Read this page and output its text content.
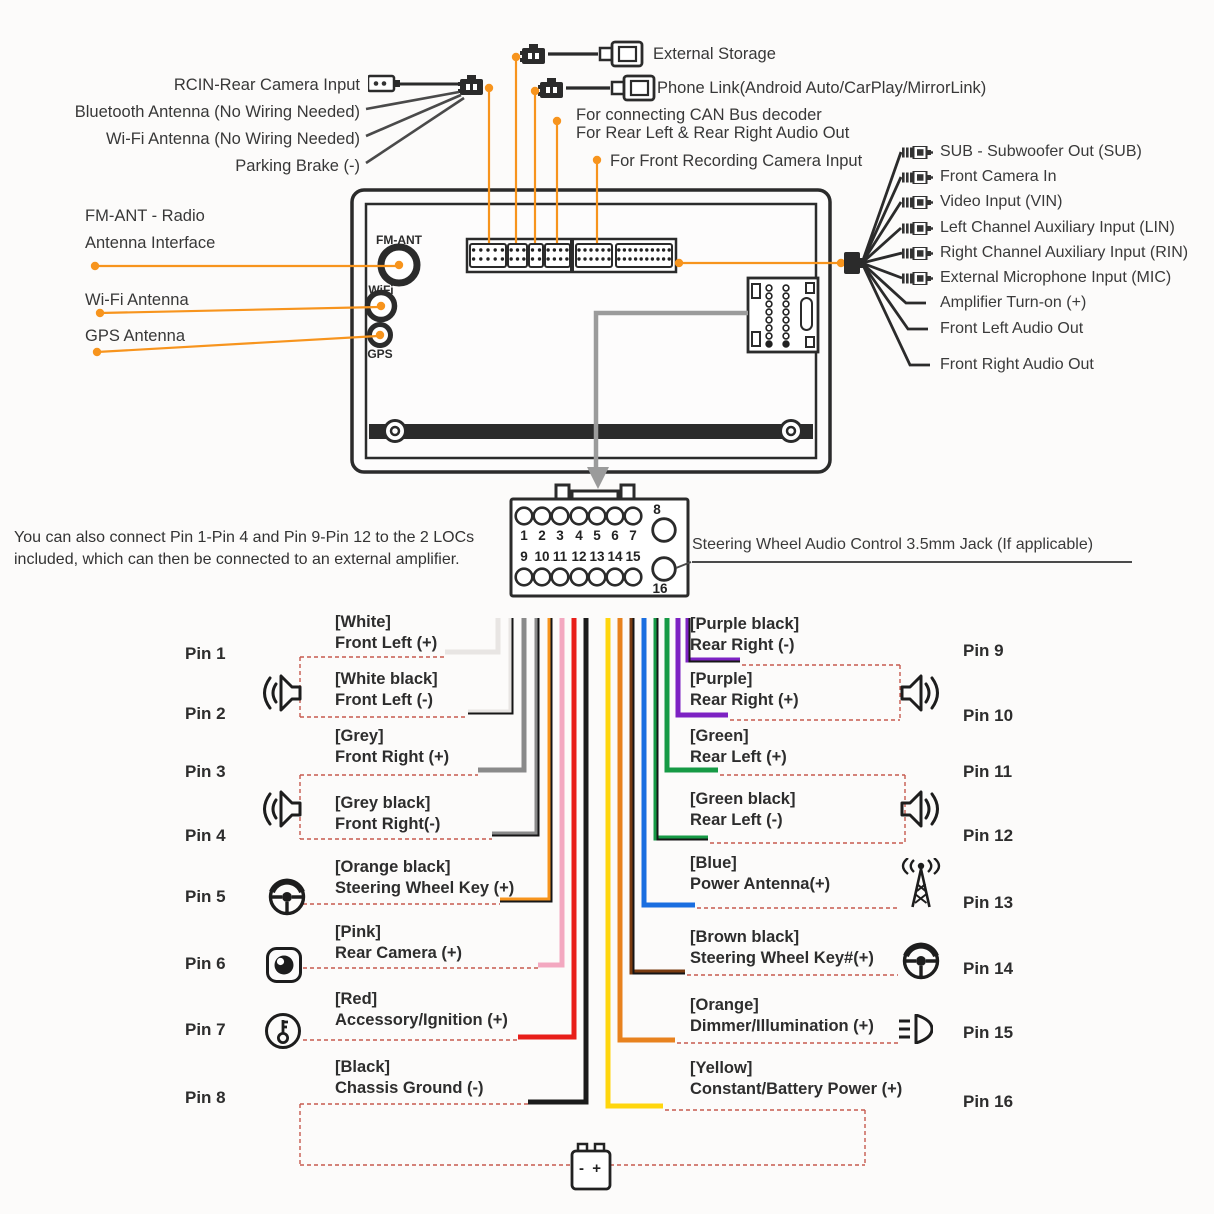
RCIN-Rear Camera Input
Bluetooth Antenna (No Wiring Needed)
Wi-Fi Antenna (No Wiring Needed)
Parking Brake (-)
External Storage
Phone Link(Android Auto/CarPlay/MirrorLink)
For connecting CAN Bus decoder
For Rear Left & Rear Right Audio Out
For Front Recording Camera Input
FM-ANT - Radio
Antenna Interface
Wi-Fi Antenna
GPS Antenna
FM-ANT
WiFi
GPS
You can also connect Pin 1-Pin 4 and Pin 9-Pin 12 to the 2 LOCs
included, which can then be connected to an external amplifier.
Steering Wheel Audio Control 3.5mm Jack (If applicable)
8
16
- +
1 2 3 4 5 6 7
9 10 11 12 13 14 15
Pin 1
[White]
Front Left (+)
Pin 2
[White black]
Front Left (-)
Pin 3
[Grey]
Front Right (+)
Pin 4
[Grey black]
Front Right(-)
Pin 5
[Orange black]
Steering Wheel Key (+)
Pin 6
[Pink]
Rear Camera (+)
Pin 7
[Red]
Accessory/Ignition (+)
Pin 8
[Black]
Chassis Ground (-)
[Purple black]
Rear Right (-)	Pin 9
[Purple]
Rear Right (+)
Pin 10
[Green]
Rear Left (+)
Pin 11
[Green black]
Rear Left (-)
Pin 12
[Blue]
Power Antenna(+)
Pin 13
[Brown black]
Steering Wheel Key#(+)
Pin 14
[Orange]
Dimmer/Illumination (+)	Pin 15
[Yellow]
Constant/Battery Power (+)
Pin 16
SUB - Subwoofer Out (SUB)
Front Camera In
Video Input (VIN)
Left Channel Auxiliary Input (LIN)
Right Channel Auxiliary Input (RIN)
External Microphone Input (MIC)
Amplifier Turn-on (+)
Front Left Audio Out
Front Right Audio Out
